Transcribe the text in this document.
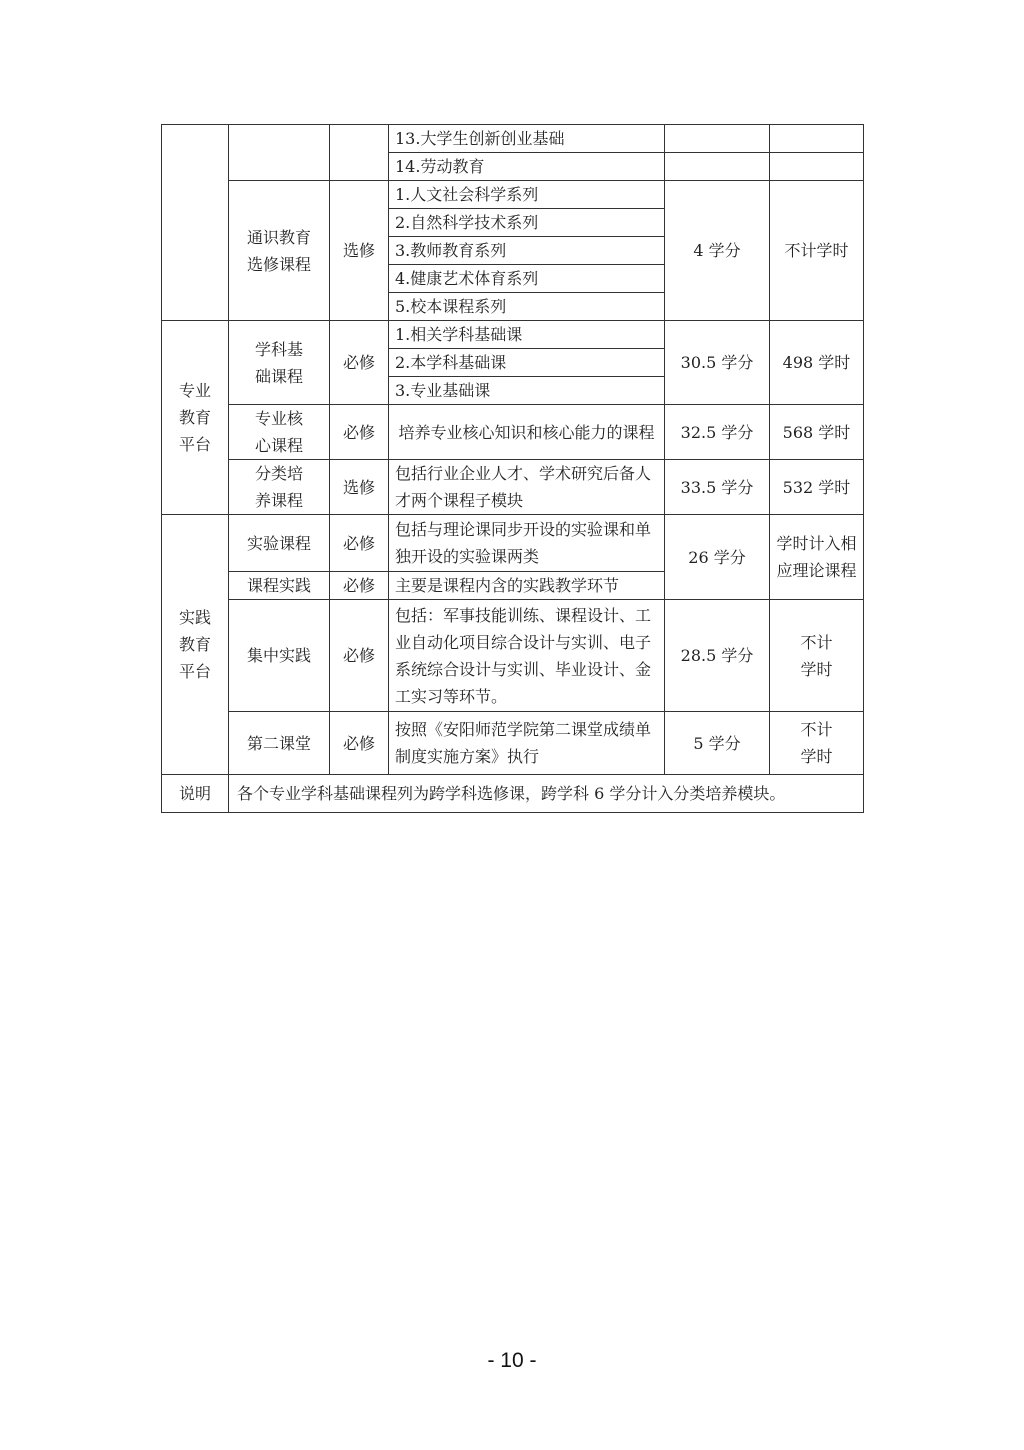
			13.大学生创新创业基础		
			14.劳动教育		
	通识教育选修课程	选修	1.人文社会科学系列	4 学分	不计学时
			2.自然科学技术系列		
			3.教师教育系列		
			4.健康艺术体育系列		
			5.校本课程系列		
专业教育平台	学科基础课程	必修	1.相关学科基础课	30.5 学分	498 学时
			2.本学科基础课		
			3.专业基础课		
	专业核心课程	必修	培养专业核心知识和核心能力的课程	32.5 学分	568 学时
	分类培养课程	选修	包括行业企业人才、学术研究后备人才两个课程子模块	33.5 学分	532 学时
实践教育平台	实验课程	必修	包括与理论课同步开设的实验课和单独开设的实验课两类	26 学分	学时计入相应理论课程
	课程实践	必修	主要是课程内含的实践教学环节		
	集中实践	必修	包括：军事技能训练、课程设计、工业自动化项目综合设计与实训、电子系统综合设计与实训、毕业设计、金工实习等环节。	28.5 学分	不计学时
	第二课堂	必修	按照《安阳师范学院第二课堂成绩单制度实施方案》执行	5 学分	不计学时
说明	各个专业学科基础课程列为跨学科选修课，跨学科 6 学分计入分类培养模块。				
- 10 -
